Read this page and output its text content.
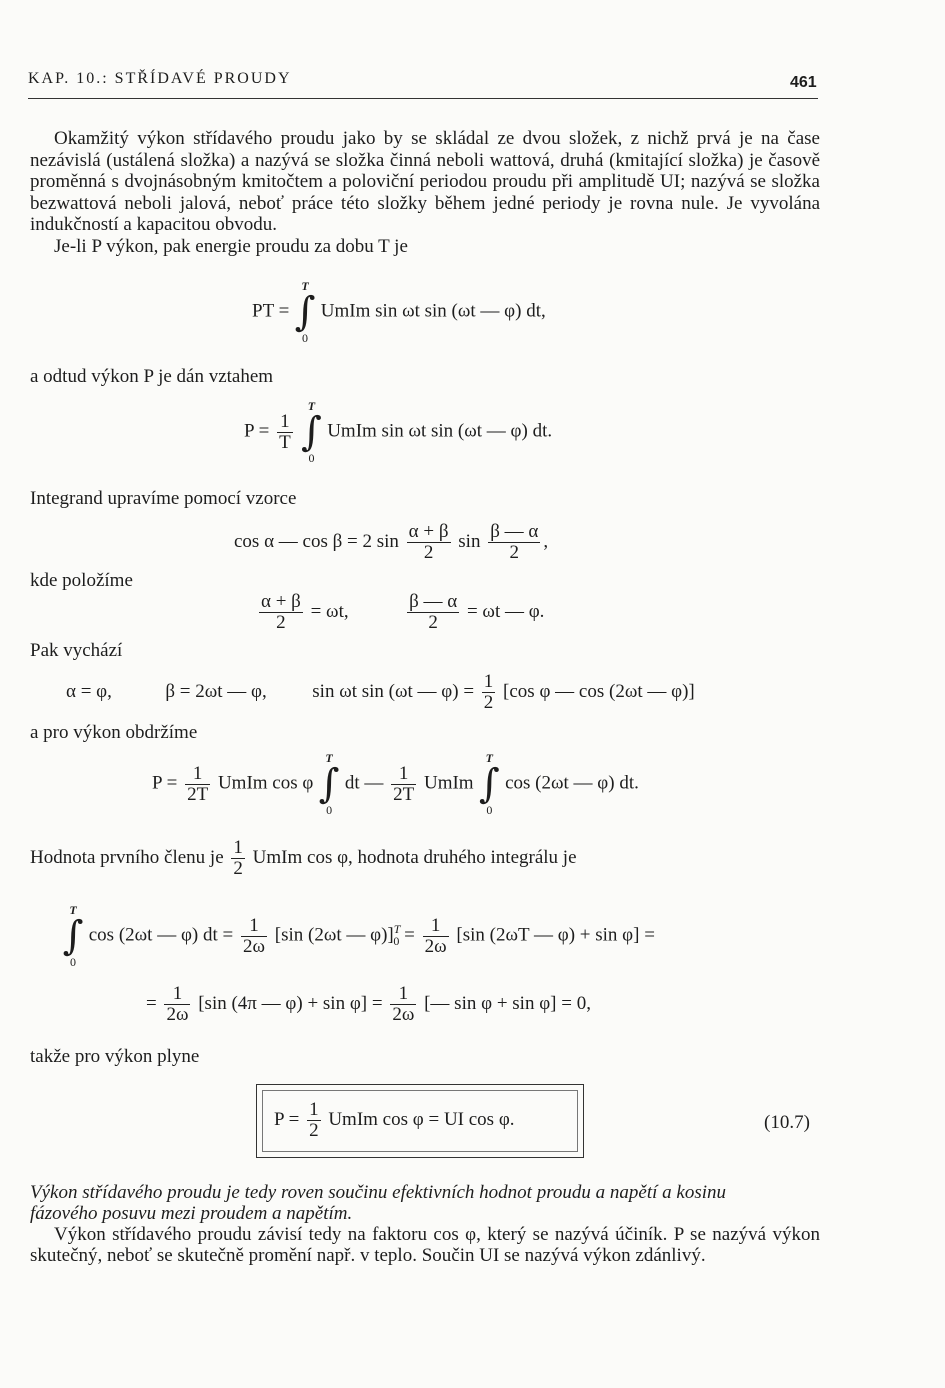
KAP. 10.: STŘÍDAVÉ PROUDY	461

Okamžitý výkon střídavého proudu jako by se skládal ze dvou složek, z nichž prvá je na čase nezávislá (ustálená složka) a nazývá se složka činná neboli wattová, druhá (kmitající složka) je časově proměnná s dvojnásobným kmitočtem a poloviční periodou proudu při amplitudě UI; nazývá se složka bezwattová neboli jalová, neboť práce této složky během jedné periody je rovna nule. Je vyvolána indukčností a kapacitou obvodu.

Je-li P výkon, pak energie proudu za dobu T je

PT =
T
∫
0
UmIm sin ωt sin (ωt — φ) dt,
a odtud výkon P je dán vztahem
$P = \frac{1}{T}$

T
∫
0
UmIm sin ωt sin (ωt — φ) dt.
Integrand upravíme pomocí vzorce
cos α — cos β = 2 $\sin \frac{\alpha + \beta}{2}$ $\sin \frac{\beta — \alpha}{2}$ ,
kde položíme
$\frac{\alpha + \beta}{2} = \omega t$,	$\frac{\beta — \alpha}{2} = \omega t$ — φ.
Pak vychází
α = φ,	β = 2ωt — φ, sin ωt sin (ωt — $\varphi) = \frac{1}{2} [\cos$ φ — cos (2ωt — φ)]
a pro výkon obdržíme
$P = \frac{1}{2T}$ UmIm cos φ
T
∫
0
dt — $\frac{1}{2T}$ UmIm
T
∫
0
cos (2ωt — φ) dt.
Hodnota prvního členu je $\frac{1}{2}$ UmIm cos φ, hodnota druhého integrálu je
T
∫
0
cos (2ωt — φ) dt = $\frac{1}{2\omega} [\sin$ (2ωt — $\varphi)]^T_0 = \frac{1}{2\omega} [\sin$ (2ωT — φ) + sin φ] =
= $\frac{1}{2\omega} [\sin$ (4π — $\varphi) + \sin \varphi] = \frac{1}{2\omega}$ [— sin φ + sin φ] = 0,
takže pro výkon plyne
$P = \frac{1}{2}$ UmIm cos φ = UI cos φ.	(10.7)
Výkon střídavého proudu je tedy roven součinu efektivních hodnot proudu a napětí a kosinu
fázového posuvu mezi proudem a napětím.

Výkon střídavého proudu závisí tedy na faktoru cos φ, který se nazývá účiník. P se nazývá výkon skutečný, neboť se skutečně promění např. v teplo. Součin UI se nazývá výkon zdánlivý.
